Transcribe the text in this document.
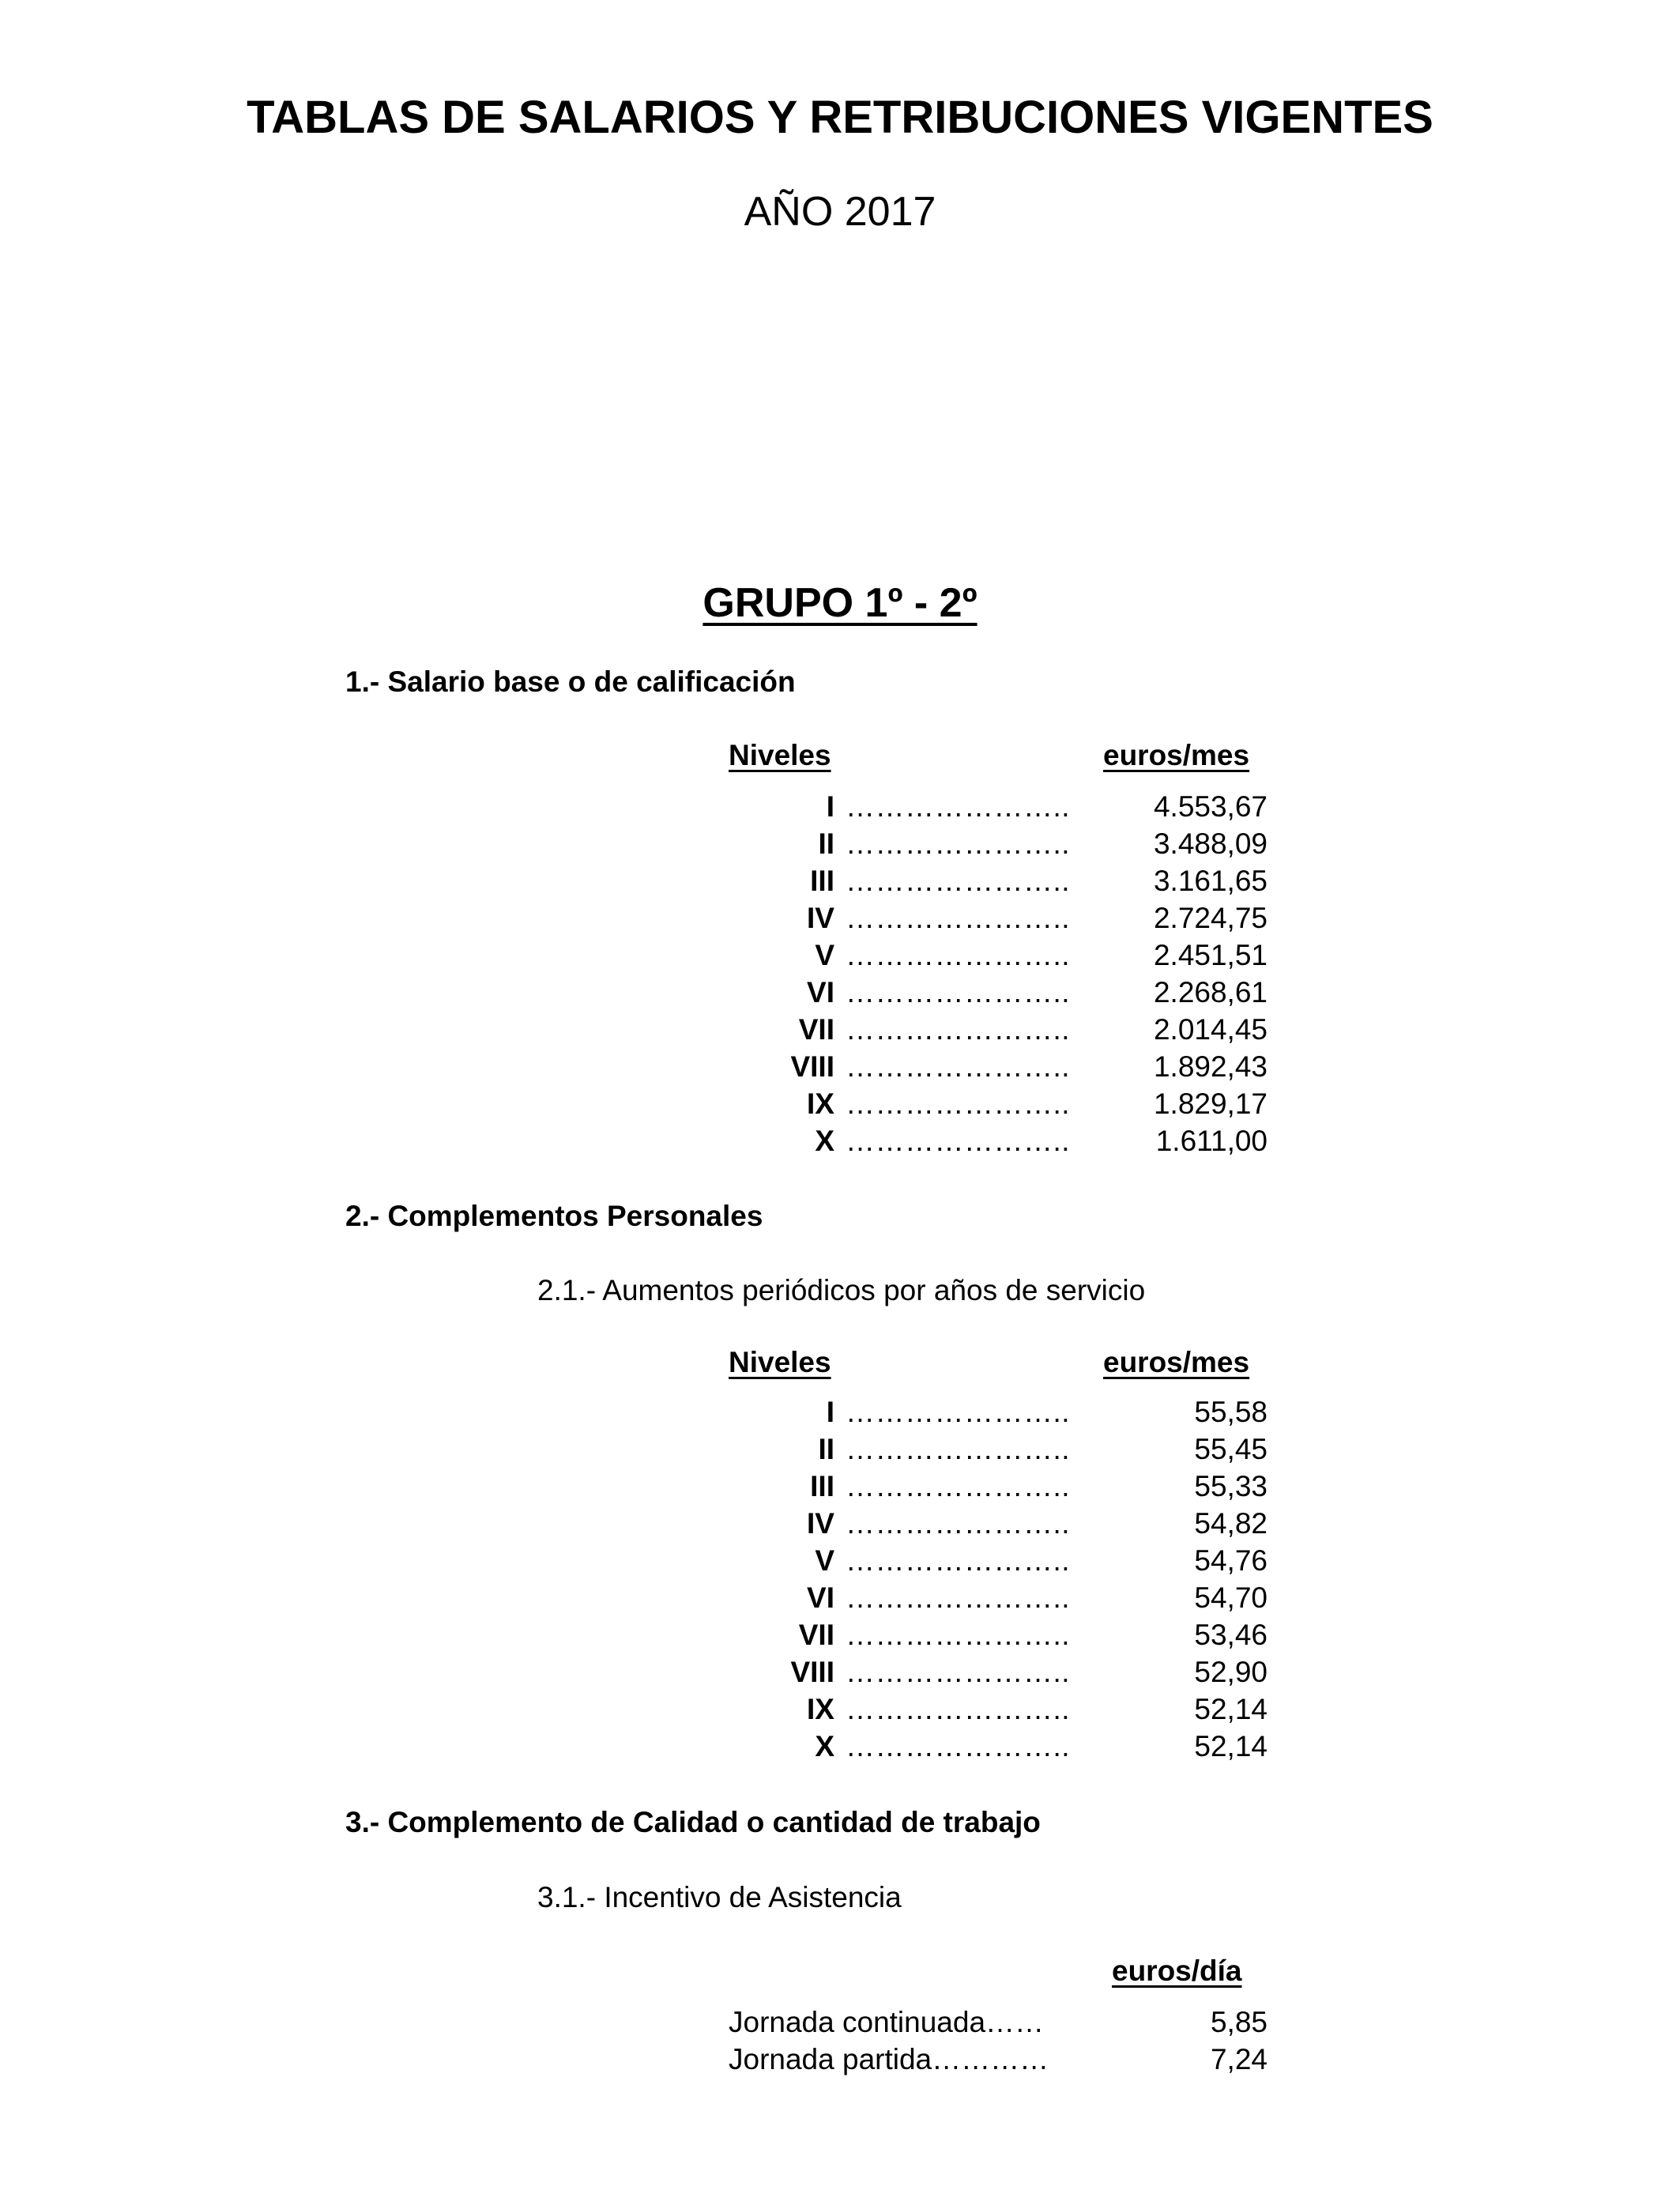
TABLAS DE SALARIOS Y RETRIBUCIONES VIGENTES
AÑO 2017
GRUPO 1º - 2º
1.- Salario base o de calificación
Niveles	euros/mes
I …………………..	4.553,67
II …………………..	3.488,09
III …………………..	3.161,65
IV …………………..	2.724,75
V …………………..	2.451,51
VI …………………..	2.268,61
VII …………………..	2.014,45
VIII …………………..	1.892,43
IX …………………..	1.829,17
X …………………..	1.611,00
2.- Complementos Personales
2.1.- Aumentos periódicos por años de servicio
Niveles	euros/mes
I …………………..	55,58
II …………………..	55,45
III …………………..	55,33
IV …………………..	54,82
V …………………..	54,76
VI …………………..	54,70
VII …………………..	53,46
VIII …………………..	52,90
IX …………………..	52,14
X …………………..	52,14
3.- Complemento de Calidad o cantidad de trabajo
3.1.- Incentivo de Asistencia
euros/día
Jornada continuada……	5,85
Jornada partida…………	7,24
